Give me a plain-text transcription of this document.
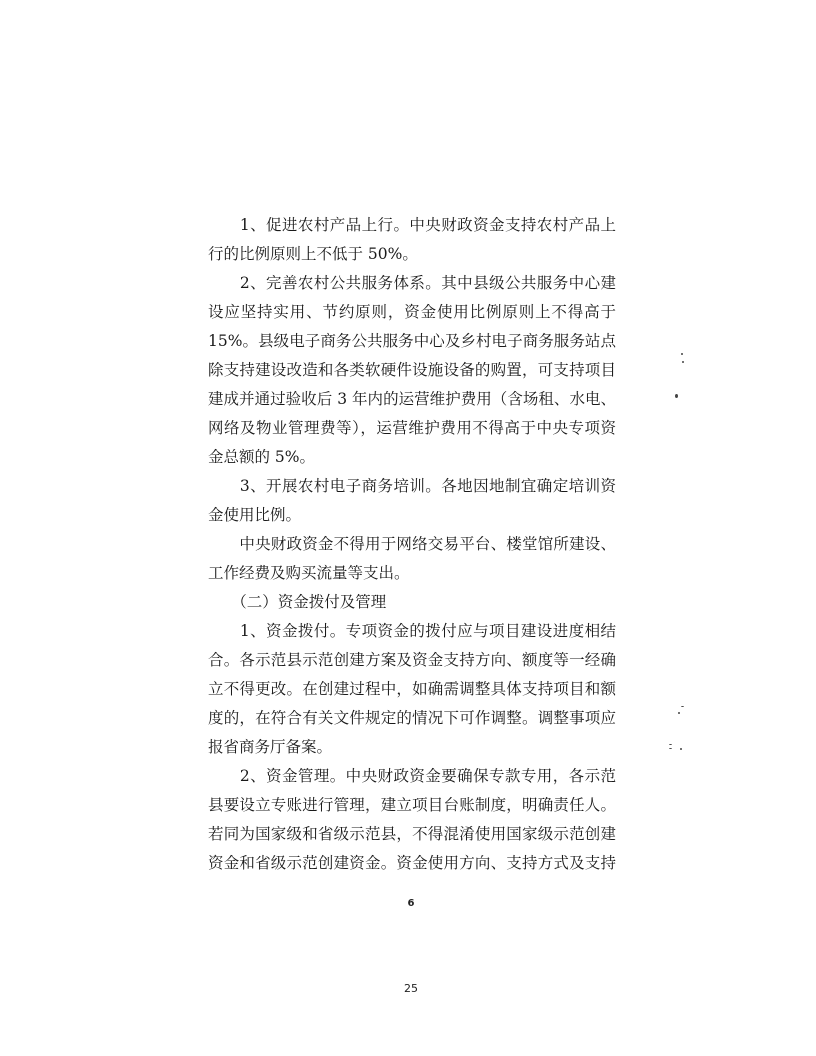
　　1、促进农村产品上行。中央财政资金支持农村产品上
行的比例原则上不低于 50%。
　　2、完善农村公共服务体系。其中县级公共服务中心建
设应坚持实用、节约原则，资金使用比例原则上不得高于
15%。县级电子商务公共服务中心及乡村电子商务服务站点
除支持建设改造和各类软硬件设施设备的购置，可支持项目
建成并通过验收后 3 年内的运营维护费用（含场租、水电、
网络及物业管理费等），运营维护费用不得高于中央专项资
金总额的 5%。
　　3、开展农村电子商务培训。各地因地制宜确定培训资
金使用比例。
　　中央财政资金不得用于网络交易平台、楼堂馆所建设、
工作经费及购买流量等支出。
　　（二）资金拨付及管理
　　1、资金拨付。专项资金的拨付应与项目建设进度相结
合。各示范县示范创建方案及资金支持方向、额度等一经确
立不得更改。在创建过程中，如确需调整具体支持项目和额
度的，在符合有关文件规定的情况下可作调整。调整事项应
报省商务厅备案。
　　2、资金管理。中央财政资金要确保专款专用，各示范
县要设立专账进行管理，建立项目台账制度，明确责任人。
若同为国家级和省级示范县，不得混淆使用国家级示范创建
资金和省级示范创建资金。资金使用方向、支持方式及支持
6
25
